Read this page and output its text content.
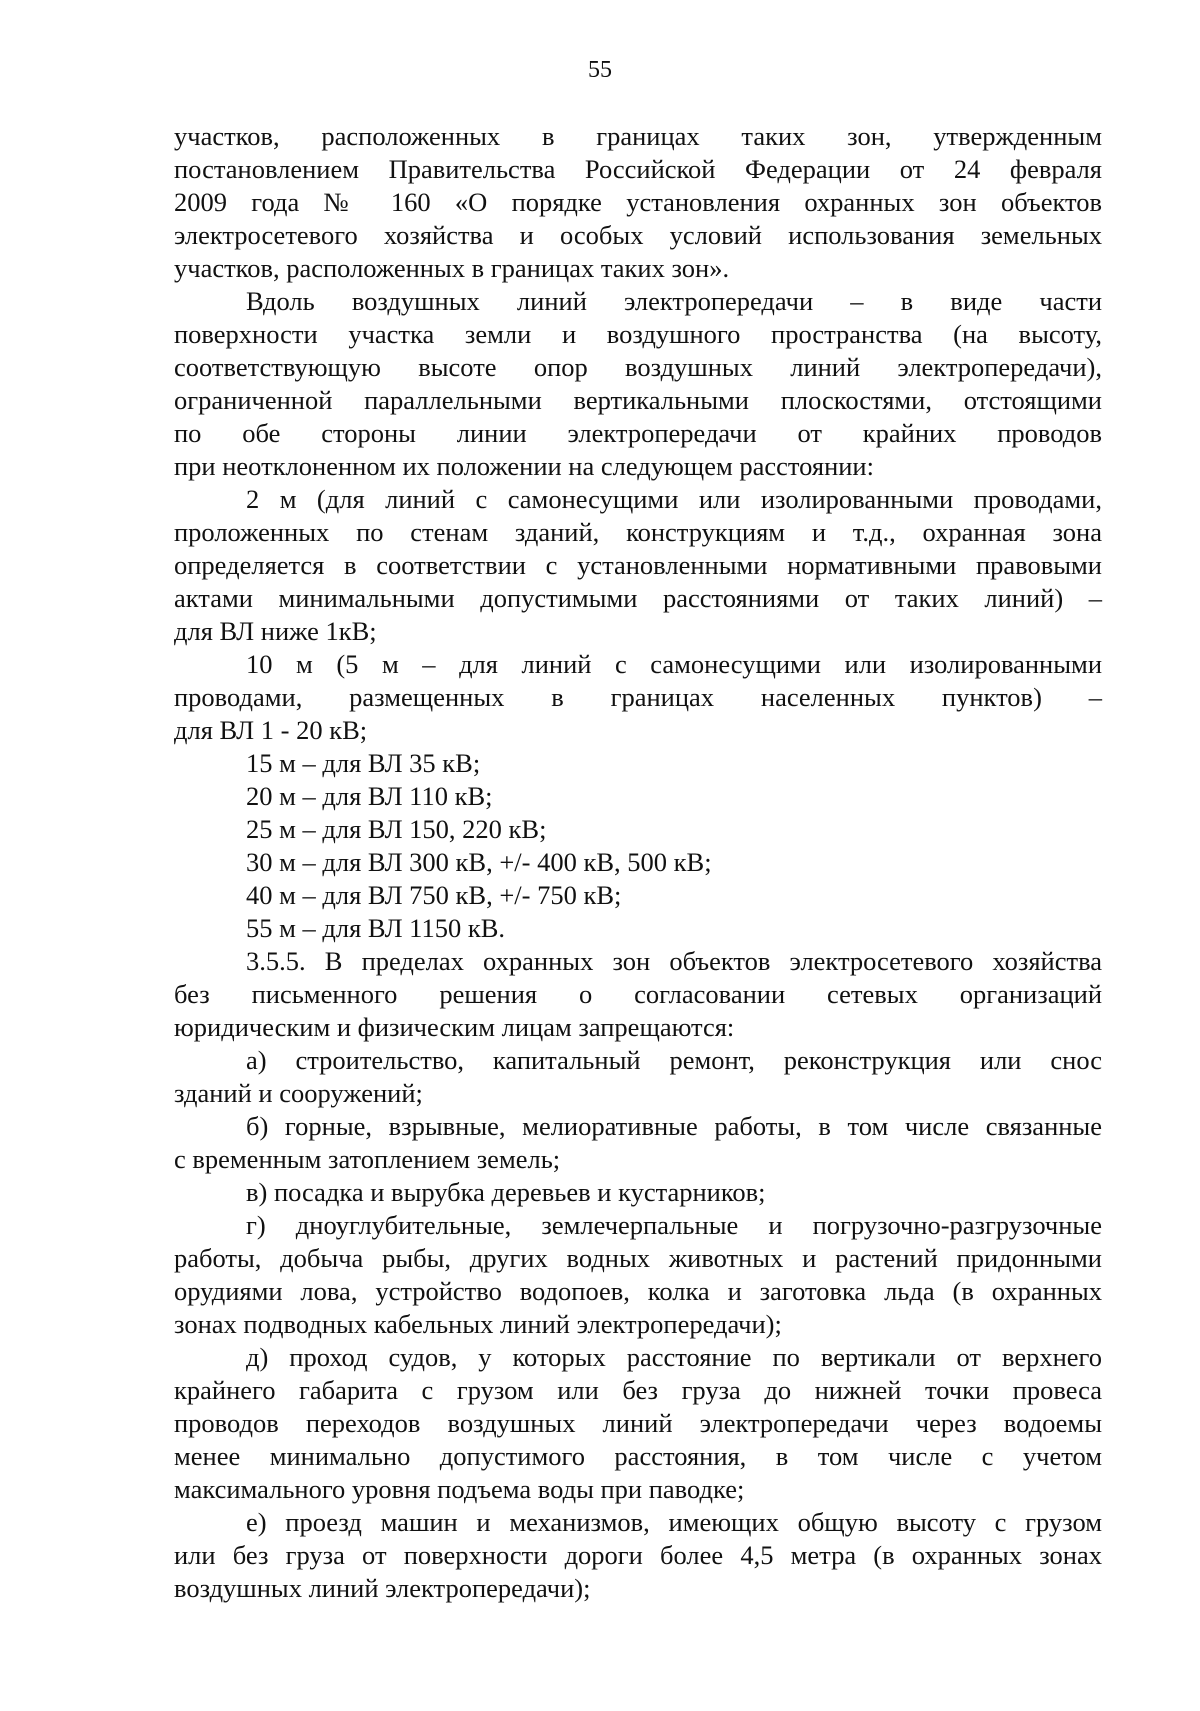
55
участков, расположенных в границах таких зон, утвержденным
постановлением Правительства Российской Федерации от 24 февраля
2009 года № 160 «О порядке установления охранных зон объектов
электросетевого хозяйства и особых условий использования земельных
участков, расположенных в границах таких зон».
Вдоль воздушных линий электропередачи – в виде части
поверхности участка земли и воздушного пространства (на высоту,
соответствующую высоте опор воздушных линий электропередачи),
ограниченной параллельными вертикальными плоскостями, отстоящими
по обе стороны линии электропередачи от крайних проводов
при неотклоненном их положении на следующем расстоянии:
2 м (для линий с самонесущими или изолированными проводами,
проложенных по стенам зданий, конструкциям и т.д., охранная зона
определяется в соответствии с установленными нормативными правовыми
актами минимальными допустимыми расстояниями от таких линий) –
для ВЛ ниже 1кВ;
10 м (5 м – для линий с самонесущими или изолированными
проводами, размещенных в границах населенных пунктов) –
для ВЛ 1 - 20 кВ;
15 м – для ВЛ 35 кВ;
20 м – для ВЛ 110 кВ;
25 м – для ВЛ 150, 220 кВ;
30 м – для ВЛ 300 кВ, +/- 400 кВ, 500 кВ;
40 м – для ВЛ 750 кВ, +/- 750 кВ;
55 м – для ВЛ 1150 кВ.
3.5.5. В пределах охранных зон объектов электросетевого хозяйства
без письменного решения о согласовании сетевых организаций
юридическим и физическим лицам запрещаются:
а) строительство, капитальный ремонт, реконструкция или снос
зданий и сооружений;
б) горные, взрывные, мелиоративные работы, в том числе связанные
с временным затоплением земель;
в) посадка и вырубка деревьев и кустарников;
г) дноуглубительные, землечерпальные и погрузочно-разгрузочные
работы, добыча рыбы, других водных животных и растений придонными
орудиями лова, устройство водопоев, колка и заготовка льда (в охранных
зонах подводных кабельных линий электропередачи);
д) проход судов, у которых расстояние по вертикали от верхнего
крайнего габарита с грузом или без груза до нижней точки провеса
проводов переходов воздушных линий электропередачи через водоемы
менее минимально допустимого расстояния, в том числе с учетом
максимального уровня подъема воды при паводке;
е) проезд машин и механизмов, имеющих общую высоту с грузом
или без груза от поверхности дороги более 4,5 метра (в охранных зонах
воздушных линий электропередачи);
